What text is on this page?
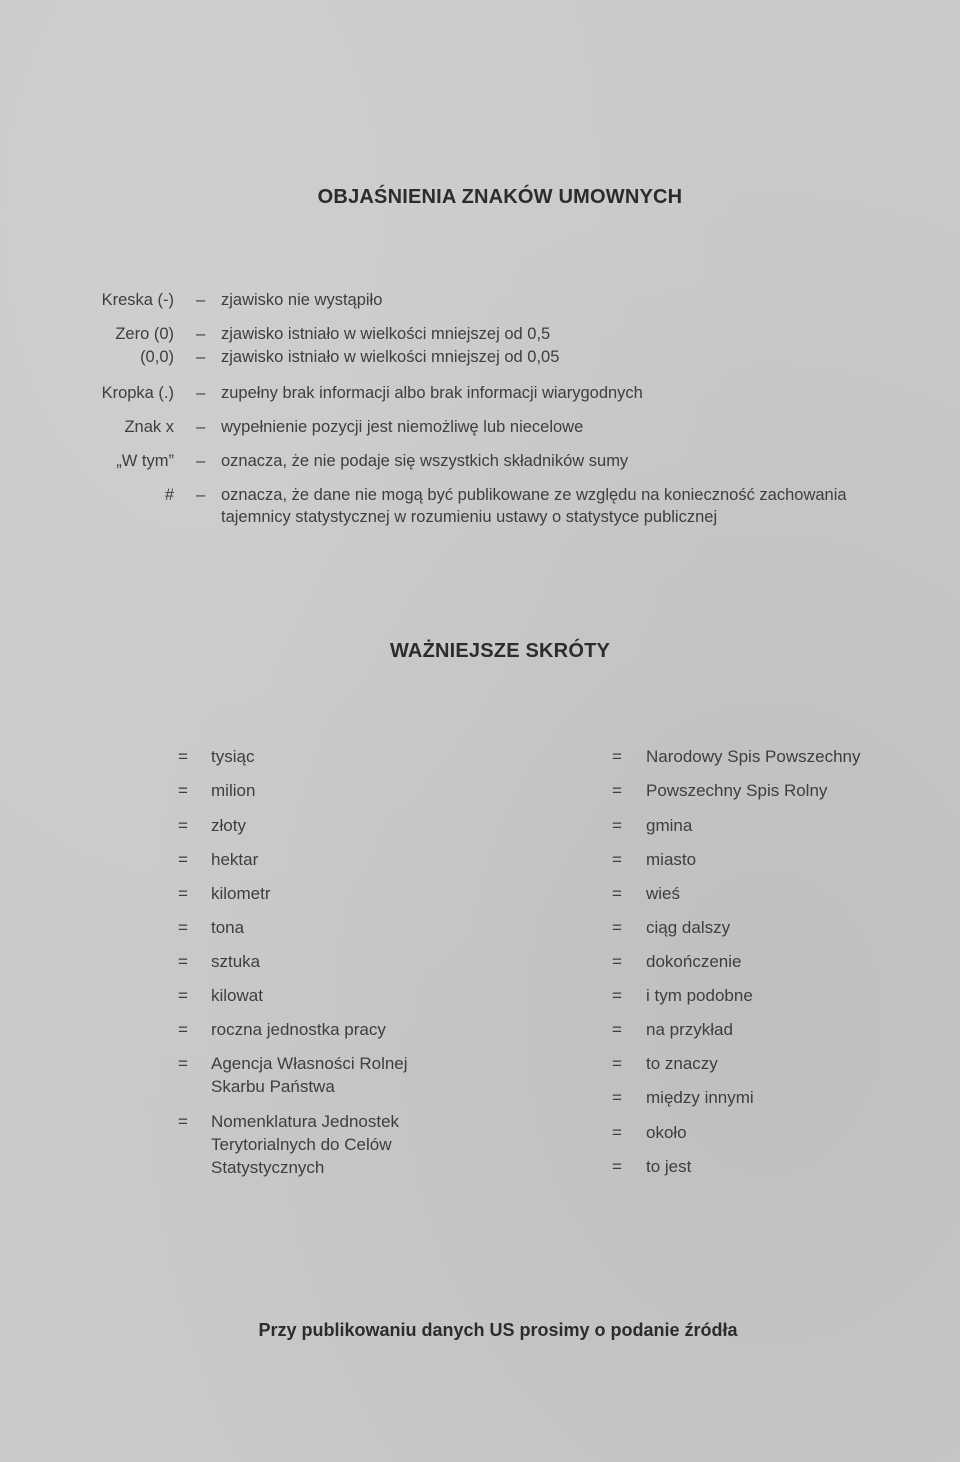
OBJAŚNIENIA ZNAKÓW UMOWNYCH
Kreska (-) – zjawisko nie wystąpiło
Zero (0) – zjawisko istniało w wielkości mniejszej od 0,5
(0,0) – zjawisko istniało w wielkości mniejszej od 0,05
Kropka (.) – zupełny brak informacji albo brak informacji wiarygodnych
Znak x – wypełnienie pozycji jest niemożliwę lub niecelowe
„W tym” – oznacza, że nie podaje się wszystkich składników sumy
# – oznacza, że dane nie mogą być publikowane ze względu na konieczność zachowania tajemnicy statystycznej w rozumieniu ustawy o statystyce publicznej
WAŻNIEJSZE SKRÓTY
= tysiąc
= milion
= złoty
= hektar
= kilometr
= tona
= sztuka
= kilowat
= roczna jednostka pracy
= Agencja Własności Rolnej Skarbu Państwa
= Nomenklatura Jednostek Terytorialnych do Celów Statystycznych
= Narodowy Spis Powszechny
= Powszechny Spis Rolny
= gmina
= miasto
= wieś
= ciąg dalszy
= dokończenie
= i tym podobne
= na przykład
= to znaczy
= między innymi
= około
= to jest
Przy publikowaniu danych US prosimy o podanie źródła
